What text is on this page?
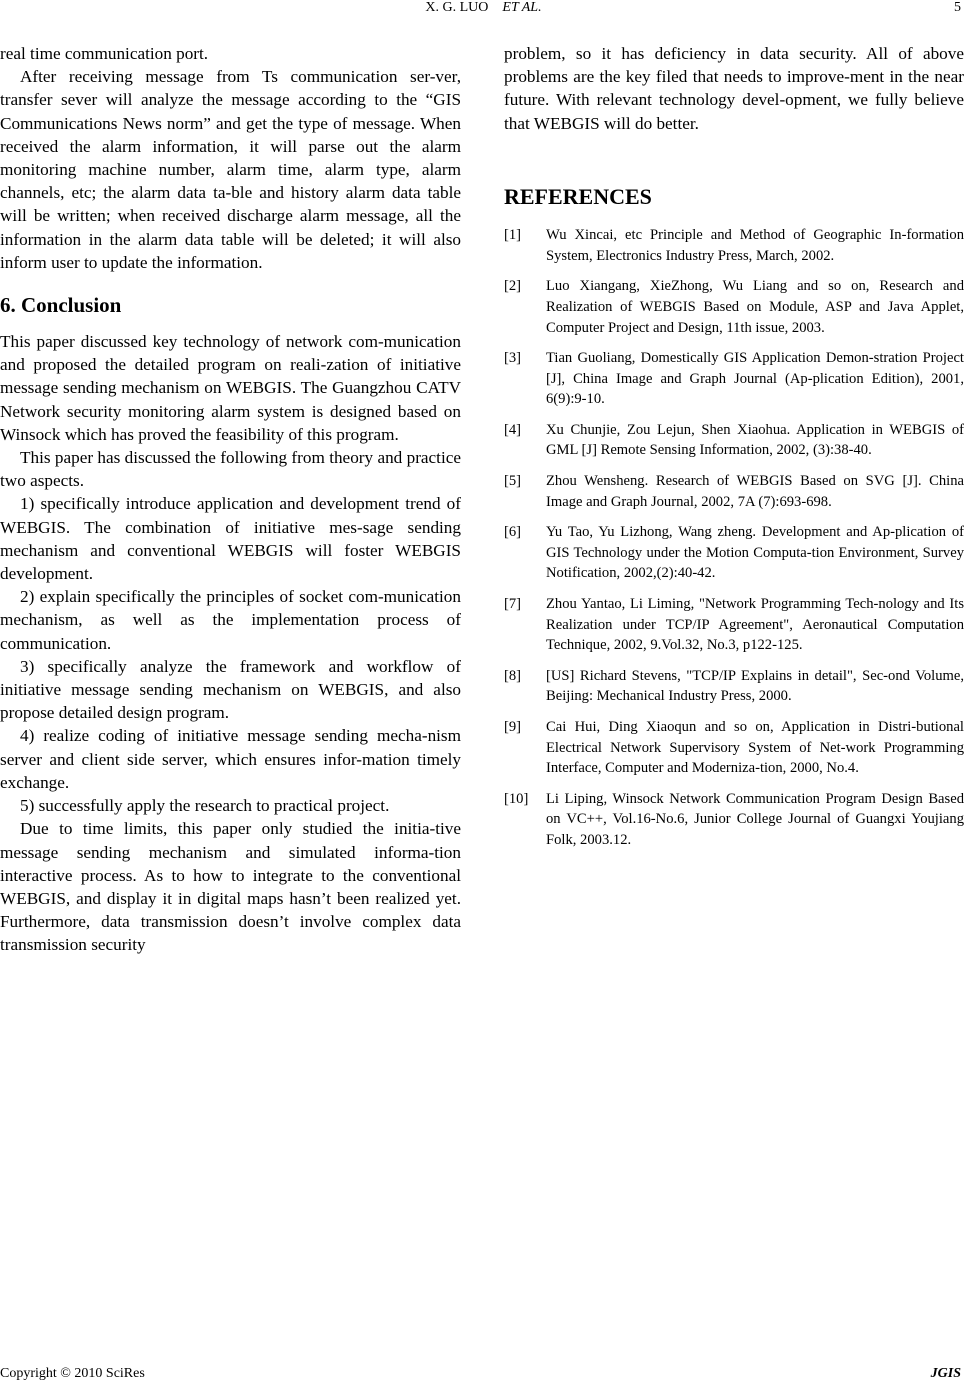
X. G. LUO ET AL.	5

real time communication port.

After receiving message from Ts communication ser-ver, transfer sever will analyze the message according to the “GIS Communications News norm” and get the type of message. When received the alarm information, it will parse out the alarm monitoring machine number, alarm time, alarm type, alarm channels, etc; the alarm data ta-ble and history alarm data table will be written; when received discharge alarm message, all the information in the alarm data table will be deleted; it will also inform user to update the information.

6. Conclusion

This paper discussed key technology of network com-munication and proposed the detailed program on reali-zation of initiative message sending mechanism on WEBGIS. The Guangzhou CATV Network security monitoring alarm system is designed based on Winsock which has proved the feasibility of this program.

This paper has discussed the following from theory and practice two aspects.

1) specifically introduce application and development trend of WEBGIS. The combination of initiative mes-sage sending mechanism and conventional WEBGIS will foster WEBGIS development.

2) explain specifically the principles of socket com-munication mechanism, as well as the implementation process of communication.

3) specifically analyze the framework and workflow of initiative message sending mechanism on WEBGIS, and also propose detailed design program.

4) realize coding of initiative message sending mecha-nism server and client side server, which ensures infor-mation timely exchange.

5) successfully apply the research to practical project.

Due to time limits, this paper only studied the initia-tive message sending mechanism and simulated informa-tion interactive process. As to how to integrate to the conventional WEBGIS, and display it in digital maps hasn’t been realized yet. Furthermore, data transmission doesn’t involve complex data transmission security

problem, so it has deficiency in data security. All of above problems are the key filed that needs to improve-ment in the near future. With relevant technology devel-opment, we fully believe that WEBGIS will do better.

REFERENCES
[1] Wu Xincai, etc Principle and Method of Geographic In-formation System, Electronics Industry Press, March, 2002.
[2] Luo Xiangang, XieZhong, Wu Liang and so on, Research and Realization of WEBGIS Based on Module, ASP and Java Applet, Computer Project and Design, 11th issue, 2003.
[3] Tian Guoliang, Domestically GIS Application Demon-stration Project [J], China Image and Graph Journal (Ap-plication Edition), 2001, 6(9):9-10.
[4] Xu Chunjie, Zou Lejun, Shen Xiaohua. Application in WEBGIS of GML [J] Remote Sensing Information, 2002, (3):38-40.
[5] Zhou Wensheng. Research of WEBGIS Based on SVG [J]. China Image and Graph Journal, 2002, 7A (7):693-698.
[6] Yu Tao, Yu Lizhong, Wang zheng. Development and Ap-plication of GIS Technology under the Motion Computa-tion Environment, Survey Notification, 2002,(2):40-42.
[7] Zhou Yantao, Li Liming, "Network Programming Tech-nology and Its Realization under TCP/IP Agreement", Aeronautical Computation Technique, 2002, 9.Vol.32, No.3, p122-125.
[8] [US] Richard Stevens, "TCP/IP Explains in detail", Sec-ond Volume, Beijing: Mechanical Industry Press, 2000.
[9] Cai Hui, Ding Xiaoqun and so on, Application in Distri-butional Electrical Network Supervisory System of Net-work Programming Interface, Computer and Moderniza-tion, 2000, No.4.
[10] Li Liping, Winsock Network Communication Program Design Based on VC++, Vol.16-No.6, Junior College Journal of Guangxi Youjiang Folk, 2003.12.
Copyright © 2010 SciRes	JGIS
